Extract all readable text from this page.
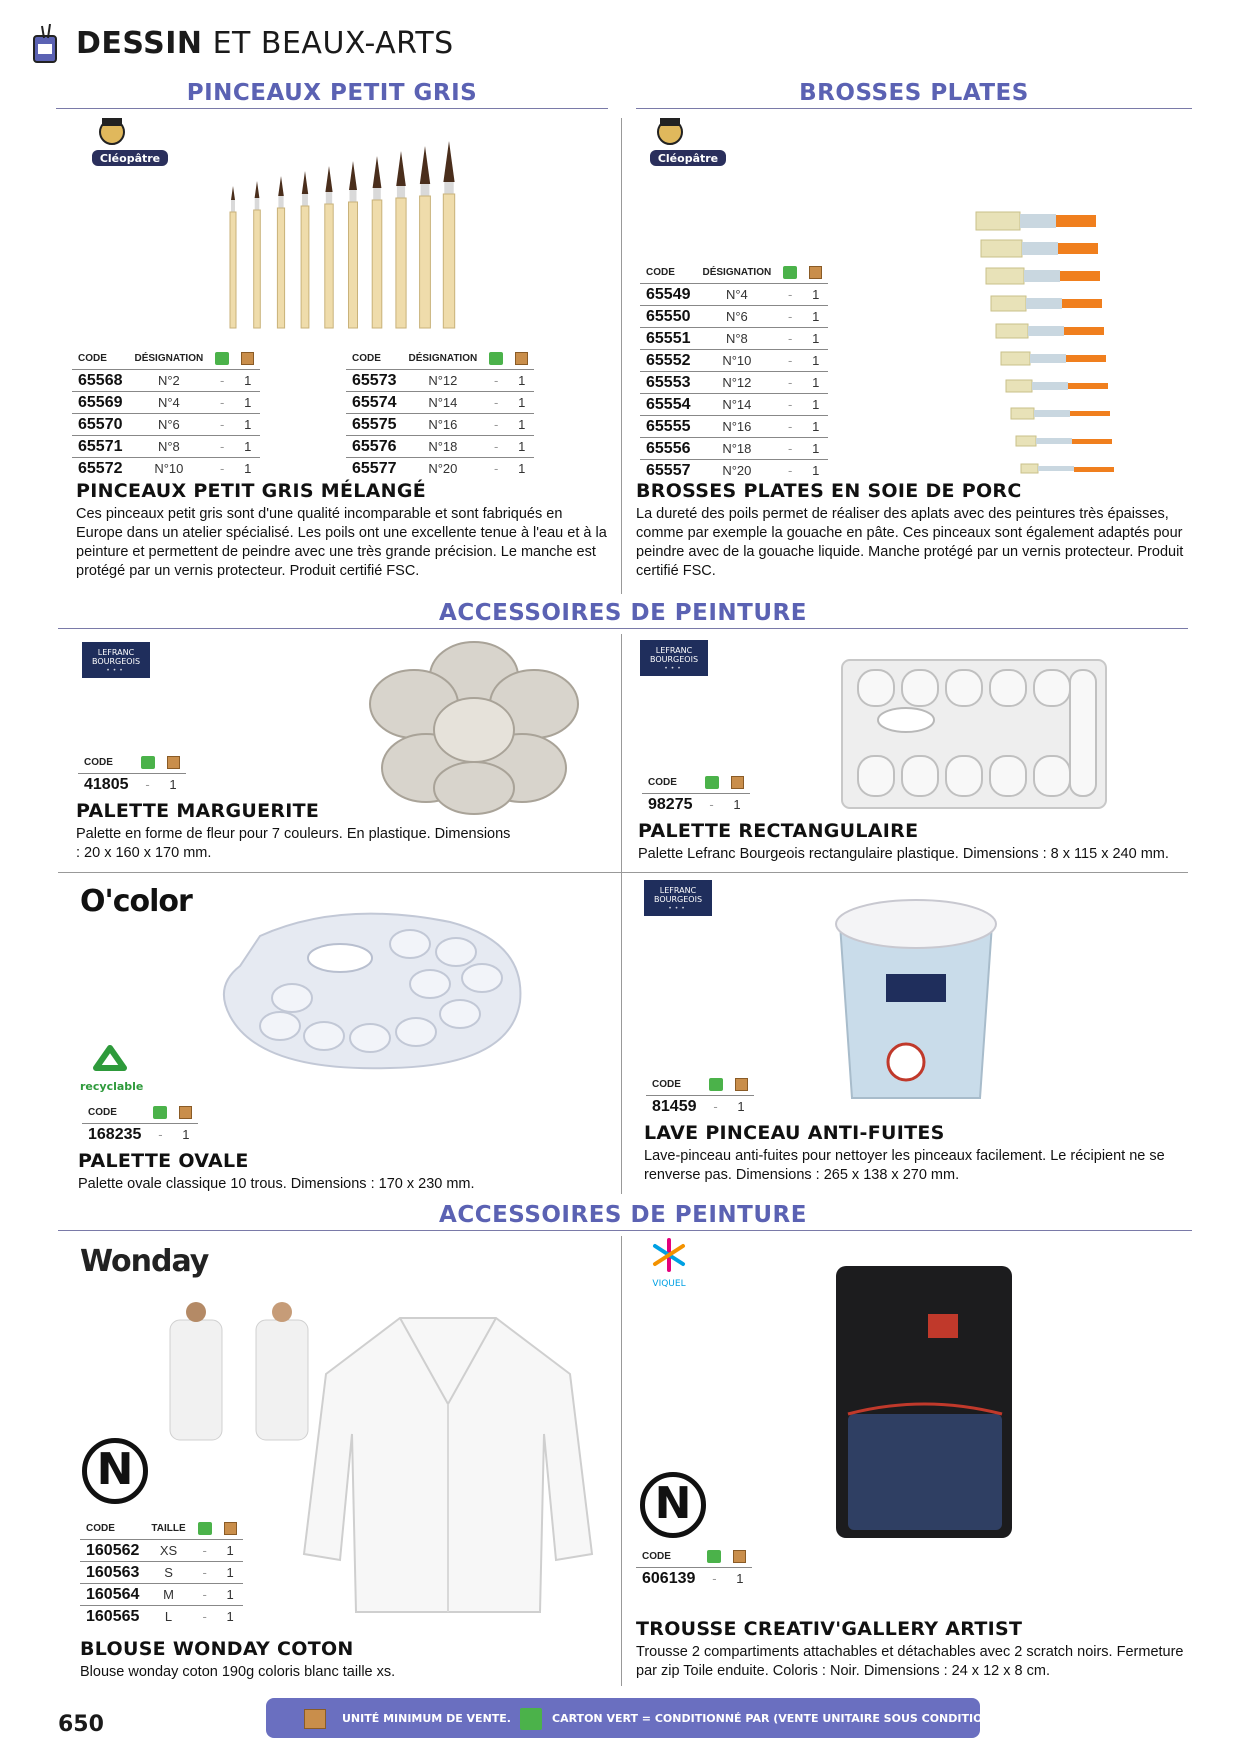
DESSIN ET BEAUX-ARTS
PINCEAUX PETIT GRIS	BROSSES PLATES
ACCESSOIRES DE PEINTURE
ACCESSOIRES DE PEINTURE
Cléopâtre
CODE	DÉSIGNATION		
65568	N°2	-	1
65569	N°4	-	1
65570	N°6	-	1
65571	N°8	-	1
65572	N°10	-	1
CODE	DÉSIGNATION		
65573	N°12	-	1
65574	N°14	-	1
65575	N°16	-	1
65576	N°18	-	1
65577	N°20	-	1
PINCEAUX PETIT GRIS MÉLANGÉ
Ces pinceaux petit gris sont d'une qualité incomparable et sont fabriqués en Europe dans un atelier spécialisé. Les poils ont une excellente tenue à l'eau et à la peinture et permettent de peindre avec une très grande précision. Le manche est protégé par un vernis protecteur. Produit certifié FSC.
Cléopâtre
CODE	DÉSIGNATION		
65549	N°4	-	1
65550	N°6	-	1
65551	N°8	-	1
65552	N°10	-	1
65553	N°12	-	1
65554	N°14	-	1
65555	N°16	-	1
65556	N°18	-	1
65557	N°20	-	1
BROSSES PLATES EN SOIE DE PORC
La dureté des poils permet de réaliser des aplats avec des peintures très épaisses, comme par exemple la gouache en pâte. Ces pinceaux sont également adaptés pour peindre avec de la gouache liquide. Manche protégé par un vernis protecteur. Produit certifié FSC.
LEFRANC
BOURGEOIS
•••
CODE		
41805	-	1
PALETTE MARGUERITE
Palette en forme de fleur pour 7 couleurs. En plastique. Dimensions : 20 x 160 x 170 mm.
LEFRANC
BOURGEOIS
•••
CODE		
98275	-	1
PALETTE RECTANGULAIRE
Palette Lefranc Bourgeois rectangulaire plastique. Dimensions : 8 x 115 x 240 mm.
O'color
recyclable
CODE		
168235	-	1
PALETTE OVALE
Palette ovale classique 10 trous. Dimensions : 170 x 230 mm.
LEFRANC
BOURGEOIS
•••
CODE		
81459	-	1
LAVE PINCEAU ANTI-FUITES
Lave-pinceau anti-fuites pour nettoyer les pinceaux facilement. Le récipient ne se renverse pas. Dimensions : 265 x 138 x 270 mm.
Wonday
N
CODE	TAILLE		
160562	XS	-	1
160563	S	-	1
160564	M	-	1
160565	L	-	1
BLOUSE WONDAY COTON
Blouse wonday coton 190g coloris blanc taille xs.
VIQUEL
N
CODE		
606139	-	1
TROUSSE CREATIV'GALLERY ARTIST
Trousse 2 compartiments attachables et détachables avec 2 scratch noirs. Fermeture par zip Toile enduite. Coloris : Noir. Dimensions : 24 x 12 x 8 cm.
650	UNITÉ MINIMUM DE VENTE.	CARTON VERT = CONDITIONNÉ PAR (VENTE UNITAIRE SOUS CONDITION).
